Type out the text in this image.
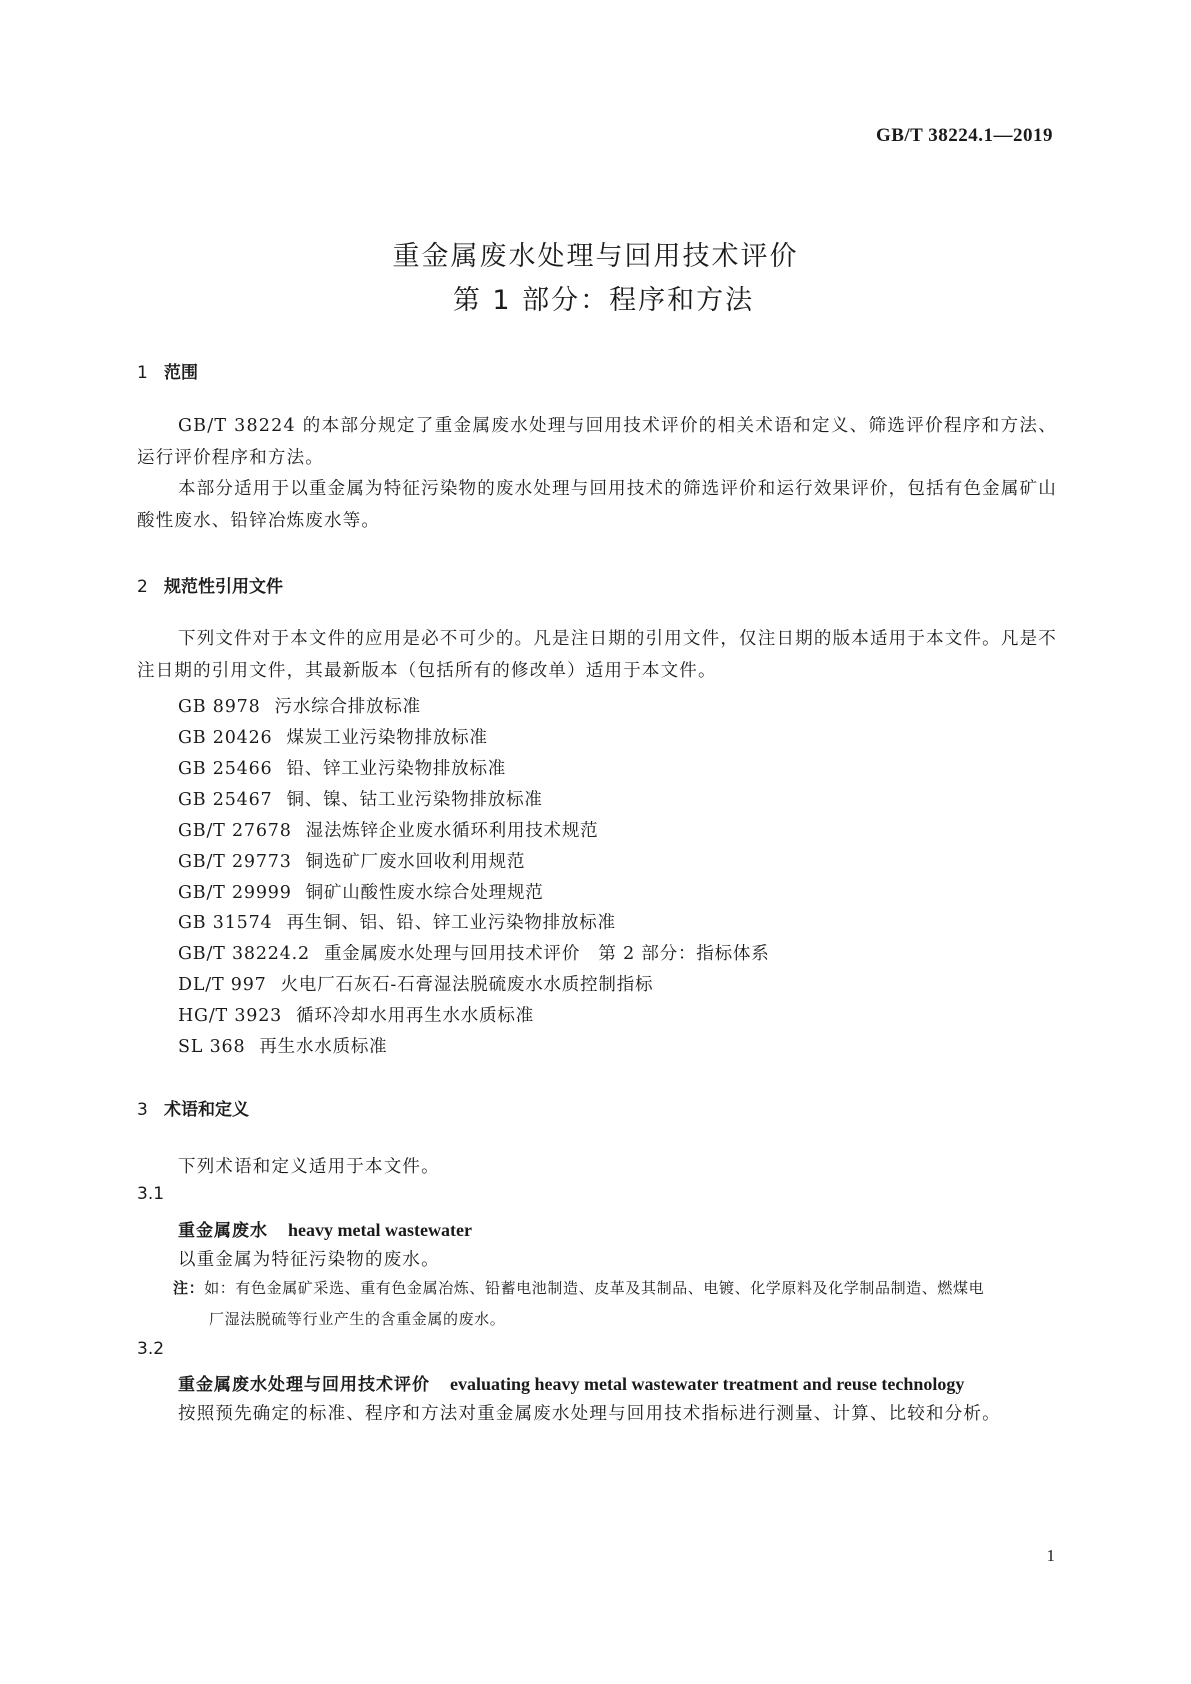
GB/T 38224.1—2019
重金属废水处理与回用技术评价
第 1 部分：程序和方法
1 范围
GB/T 38224 的本部分规定了重金属废水处理与回用技术评价的相关术语和定义、筛选评价程序和方法、运行评价程序和方法。
本部分适用于以重金属为特征污染物的废水处理与回用技术的筛选评价和运行效果评价，包括有色金属矿山酸性废水、铅锌冶炼废水等。
2 规范性引用文件
下列文件对于本文件的应用是必不可少的。凡是注日期的引用文件，仅注日期的版本适用于本文件。凡是不注日期的引用文件，其最新版本（包括所有的修改单）适用于本文件。
GB 8978 污水综合排放标准
GB 20426 煤炭工业污染物排放标准
GB 25466 铅、锌工业污染物排放标准
GB 25467 铜、镍、钴工业污染物排放标准
GB/T 27678 湿法炼锌企业废水循环利用技术规范
GB/T 29773 铜选矿厂废水回收利用规范
GB/T 29999 铜矿山酸性废水综合处理规范
GB 31574 再生铜、铝、铅、锌工业污染物排放标准
GB/T 38224.2 重金属废水处理与回用技术评价　第 2 部分：指标体系
DL/T 997 火电厂石灰石-石膏湿法脱硫废水水质控制指标
HG/T 3923 循环冷却水用再生水水质标准
SL 368 再生水水质标准
3 术语和定义
下列术语和定义适用于本文件。
3.1
重金属废水 heavy metal wastewater
以重金属为特征污染物的废水。
注：如：有色金属矿采选、重有色金属冶炼、铅蓄电池制造、皮革及其制品、电镀、化学原料及化学制品制造、燃煤电
厂湿法脱硫等行业产生的含重金属的废水。
3.2
重金属废水处理与回用技术评价 evaluating heavy metal wastewater treatment and reuse technology
按照预先确定的标准、程序和方法对重金属废水处理与回用技术指标进行测量、计算、比较和分析。
1
